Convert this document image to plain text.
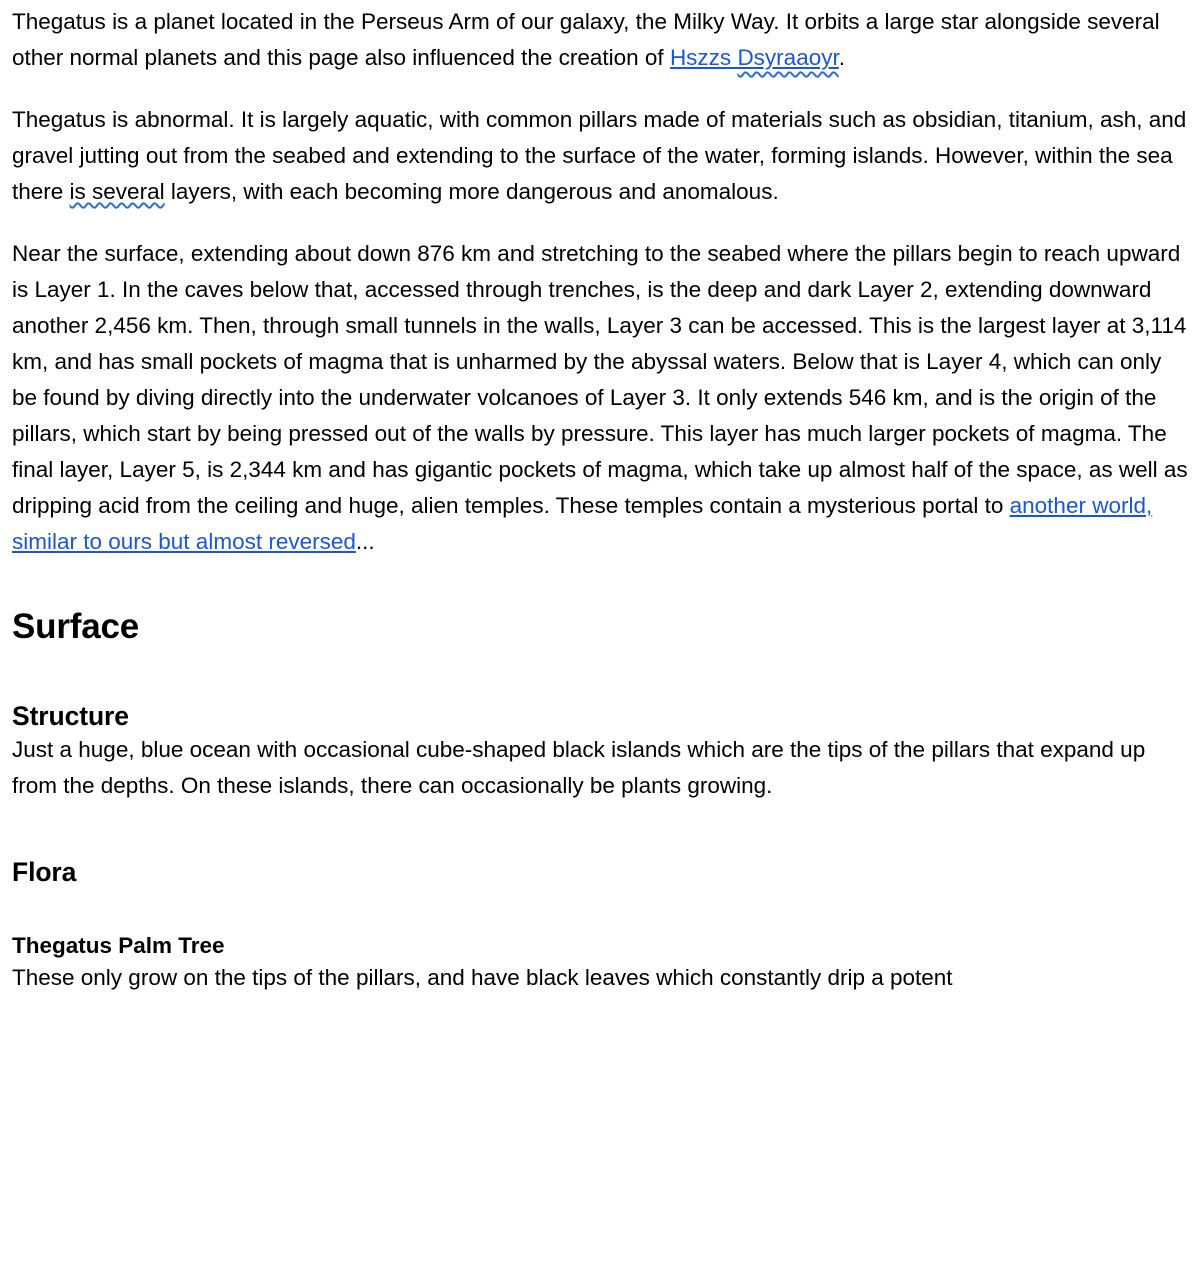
Thegatus is a planet located in the Perseus Arm of our galaxy, the Milky Way. It orbits a large star alongside several other normal planets and this page also influenced the creation of Hszzs Dsyraaoyr.

Thegatus is abnormal. It is largely aquatic, with common pillars made of materials such as obsidian, titanium, ash, and gravel jutting out from the seabed and extending to the surface of the water, forming islands. However, within the sea there is several layers, with each becoming more dangerous and anomalous.

Near the surface, extending about down 876 km and stretching to the seabed where the pillars begin to reach upward is Layer 1. In the caves below that, accessed through trenches, is the deep and dark Layer 2, extending downward another 2,456 km. Then, through small tunnels in the walls, Layer 3 can be accessed. This is the largest layer at 3,114 km, and has small pockets of magma that is unharmed by the abyssal waters. Below that is Layer 4, which can only be found by diving directly into the underwater volcanoes of Layer 3. It only extends 546 km, and is the origin of the pillars, which start by being pressed out of the walls by pressure. This layer has much larger pockets of magma. The final layer, Layer 5, is 2,344 km and has gigantic pockets of magma, which take up almost half of the space, as well as dripping acid from the ceiling and huge, alien temples. These temples contain a mysterious portal to another world, similar to ours but almost reversed...

Surface
Structure

Just a huge, blue ocean with occasional cube-shaped black islands which are the tips of the pillars that expand up from the depths. On these islands, there can occasionally be plants growing.

Flora
Thegatus Palm Tree

These only grow on the tips of the pillars, and have black leaves which constantly drip a potent
